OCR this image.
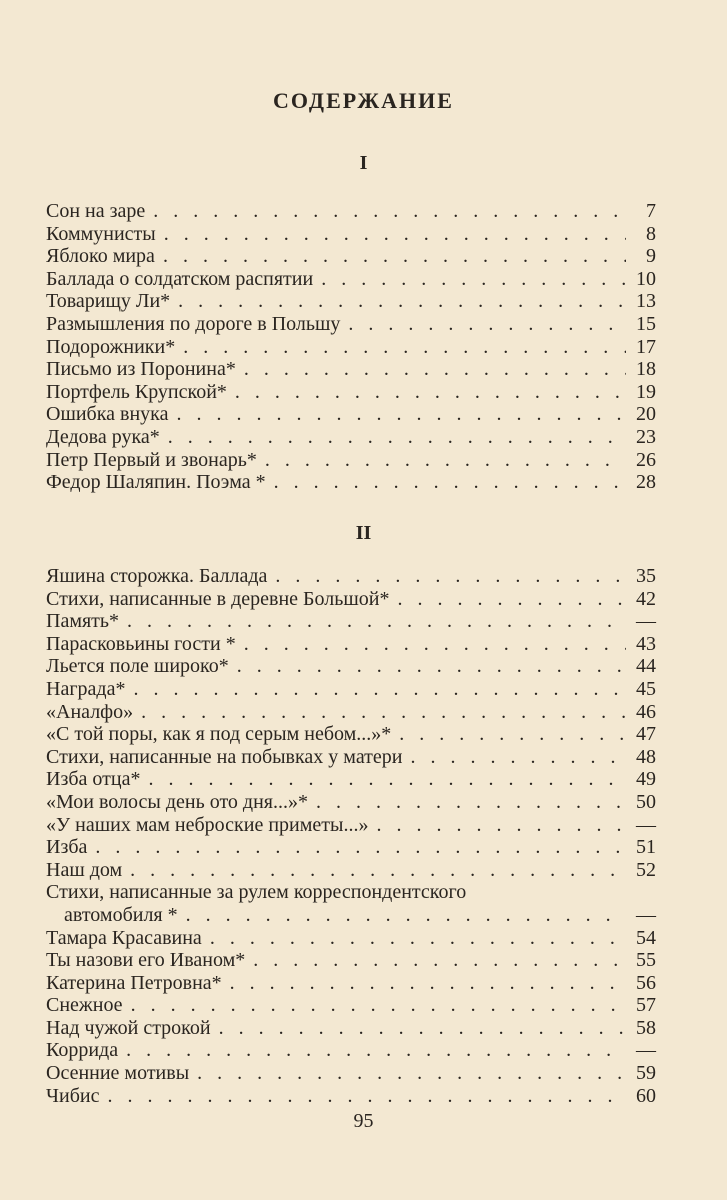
СОДЕРЖАНИЕ
I
Сон на заре . . .	7
Коммунисты . . .	8
Яблоко мира . . .	9
Баллада о солдатском распятии . . .	10
Товарищу Ли* . . .	13
Размышления по дороге в Польшу . . .	15
Подорожники* . . .	17
Письмо из Поронина* . . .	18
Портфель Крупской* . . .	19
Ошибка внука . . .	20
Дедова рука* . . .	23
Петр Первый и звонарь* . . .	26
Федор Шаляпин. Поэма * . . .	28
II
Яшина сторожка. Баллада . . .	35
Стихи, написанные в деревне Большой* . . .	42
Память* . . .	—
Парасковьины гости * . . .	43
Льется поле широко* . . .	44
Награда* . . .	45
«Аналфо» . . .	46
«С той поры, как я под серым небом...»* . . .	47
Стихи, написанные на побывках у матери . . .	48
Изба отца* . . .	49
«Мои волосы день ото дня...»* . . .	50
«У наших мам неброские приметы...» . . .	—
Изба . . .	51
Наш дом . . .	52
Стихи, написанные за рулем корреспондентского
автомобиля * . . .	—
Тамара Красавина . . .	54
Ты назови его Иваном* . . .	55
Катерина Петровна* . . .	56
Снежное . . .	57
Над чужой строкой . . .	58
Коррида . . .	—
Осенние мотивы . . .	59
Чибис . . .	60
95
